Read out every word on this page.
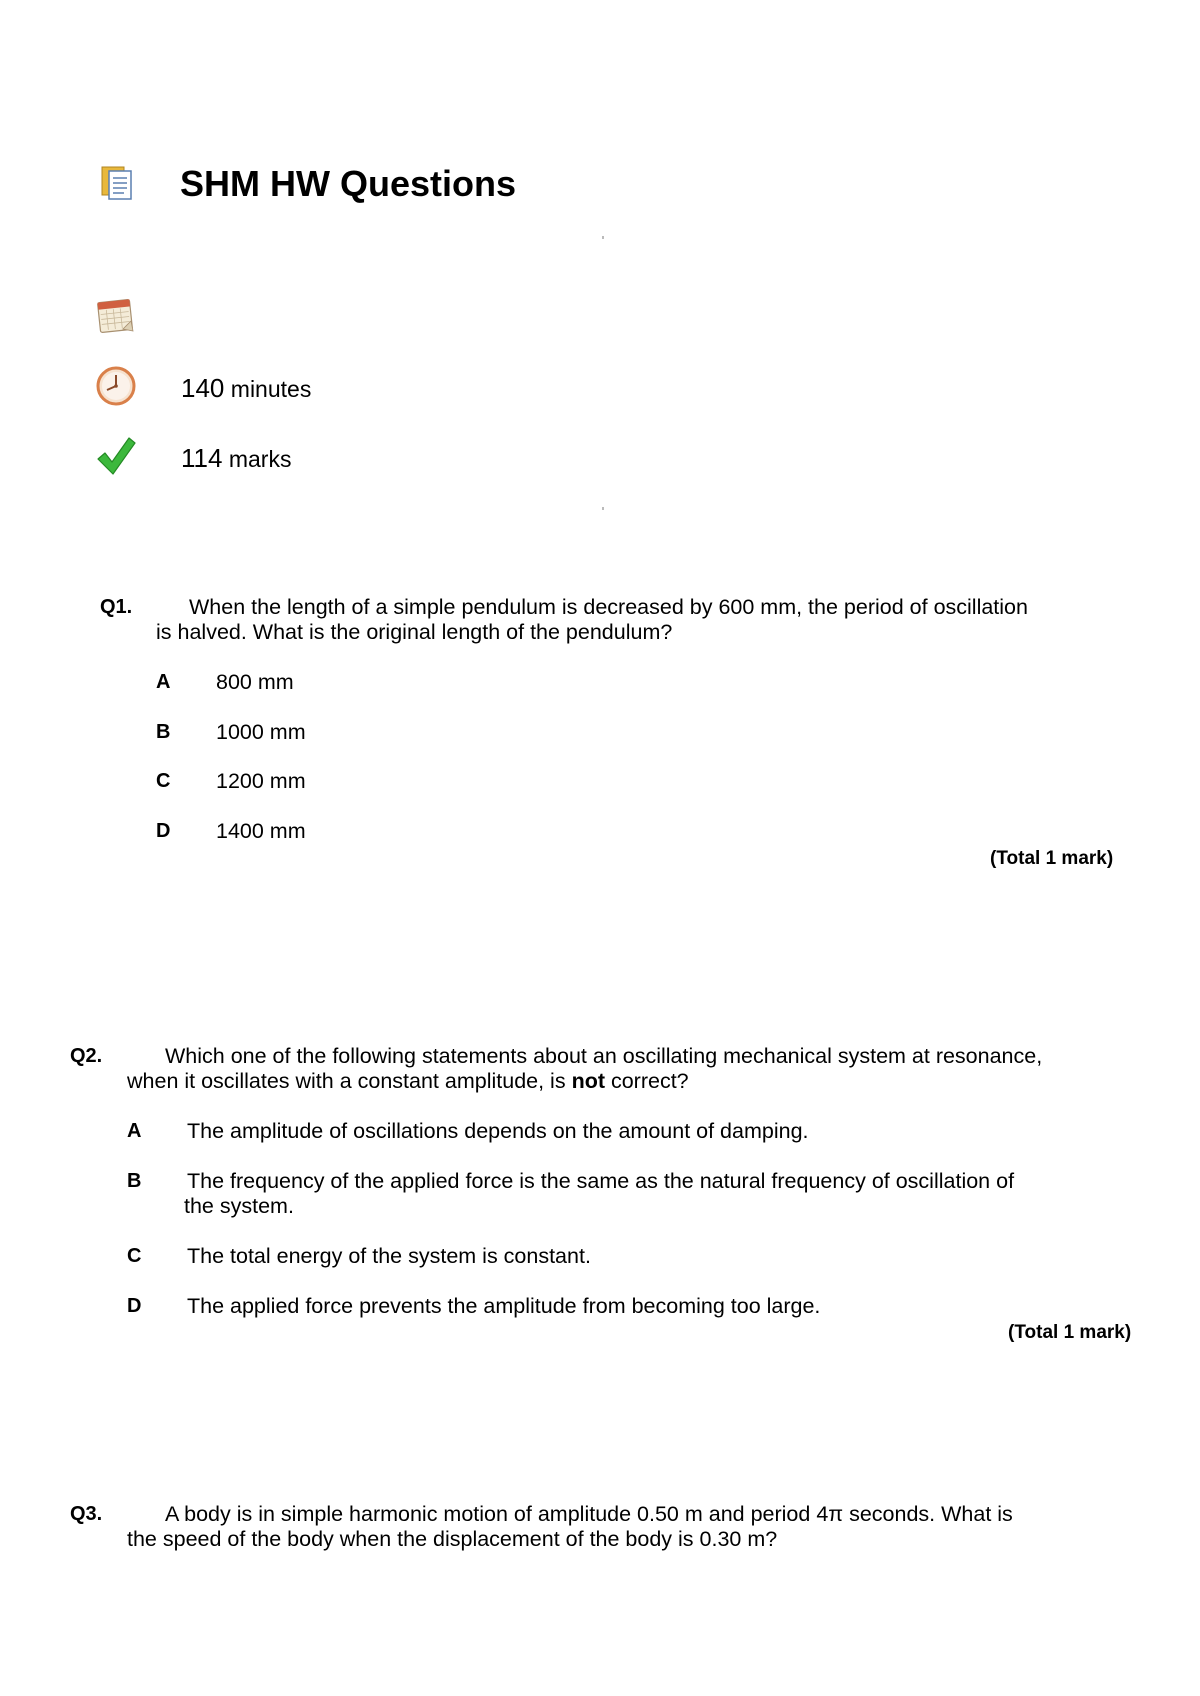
SHM HW Questions
140 minutes
114 marks
Q1.	When the length of a simple pendulum is decreased by 600 mm, the period of oscillation
is halved. What is the original length of the pendulum?
A 800 mm
B 1000 mm
C 1200 mm
D 1400 mm
(Total 1 mark)
Q2.	Which one of the following statements about an oscillating mechanical system at resonance,
when it oscillates with a constant amplitude, is not correct?
A The amplitude of oscillations depends on the amount of damping.
B The frequency of the applied force is the same as the natural frequency of oscillation of
the system.
C The total energy of the system is constant.
D The applied force prevents the amplitude from becoming too large.
(Total 1 mark)
Q3.	A body is in simple harmonic motion of amplitude 0.50 m and period 4π seconds. What is
the speed of the body when the displacement of the body is 0.30 m?
